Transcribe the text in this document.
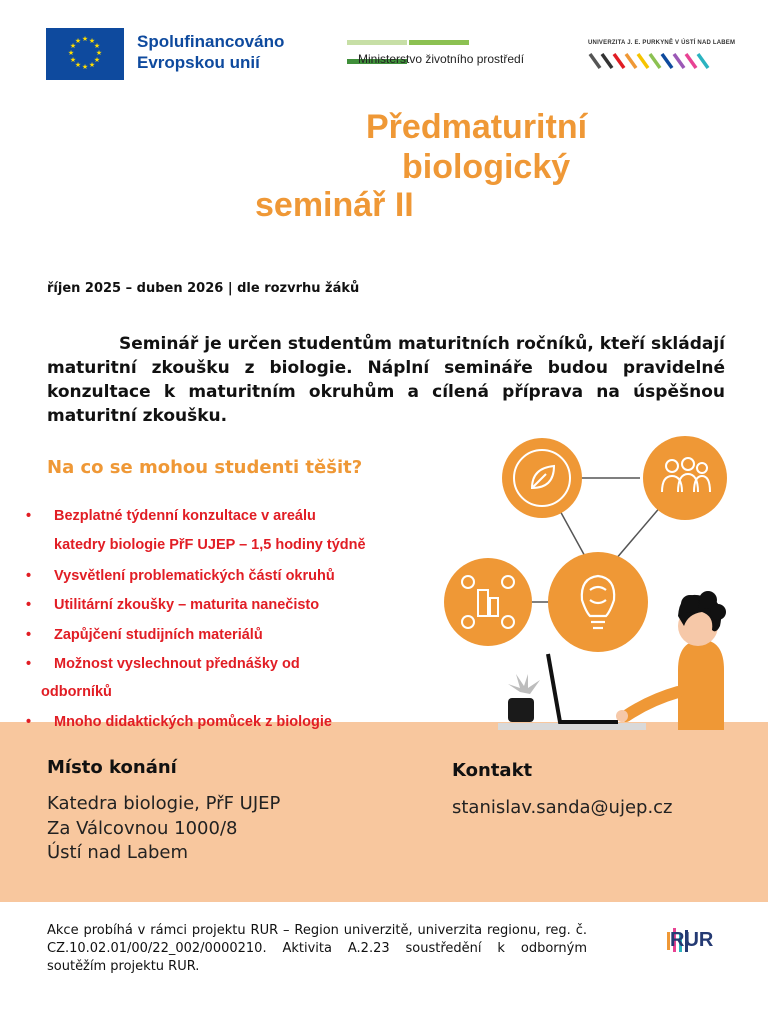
★ ★
★
★
★
★
★
★
★
★
★
★	Spolufinancováno
Evropskou unií	Ministerstvo životního prostředí
UNIVERZITA J. E. PURKYNĚ V ÚSTÍ NAD LABEM
Předmaturitní
biologický
seminář II
říjen 2025 – duben 2026 | dle rozvrhu žáků
Seminář je určen studentům maturitních ročníků, kteří skládají maturitní zkoušku z biologie. Náplní semináře budou pravidelné konzultace k maturitním okruhům a cílená příprava na úspěšnou maturitní zkoušku.
Na co se mohou studenti těšit?
• Bezplatné týdenní konzultace v areálu
katedry biologie PřF UJEP – 1,5 hodiny týdně
• Vysvětlení problematických částí okruhů
• Utilitární zkoušky – maturita nanečisto
• Zapůjčení studijních materiálů
• Možnost vyslechnout přednášky od
odborníků
• Mnoho didaktických pomůcek z biologie
Místo konání
Katedra biologie, PřF UJEP
Za Válcovnou 1000/8
Ústí nad Labem
Kontakt
stanislav.sanda@ujep.cz
Akce probíhá v rámci projektu RUR – Region univerzitě, univerzita regionu, reg. č. CZ.10.02.01/00/22_002/0000210. Aktivita A.2.23 soustředění k odborným soutěžím projektu RUR.
RUR
